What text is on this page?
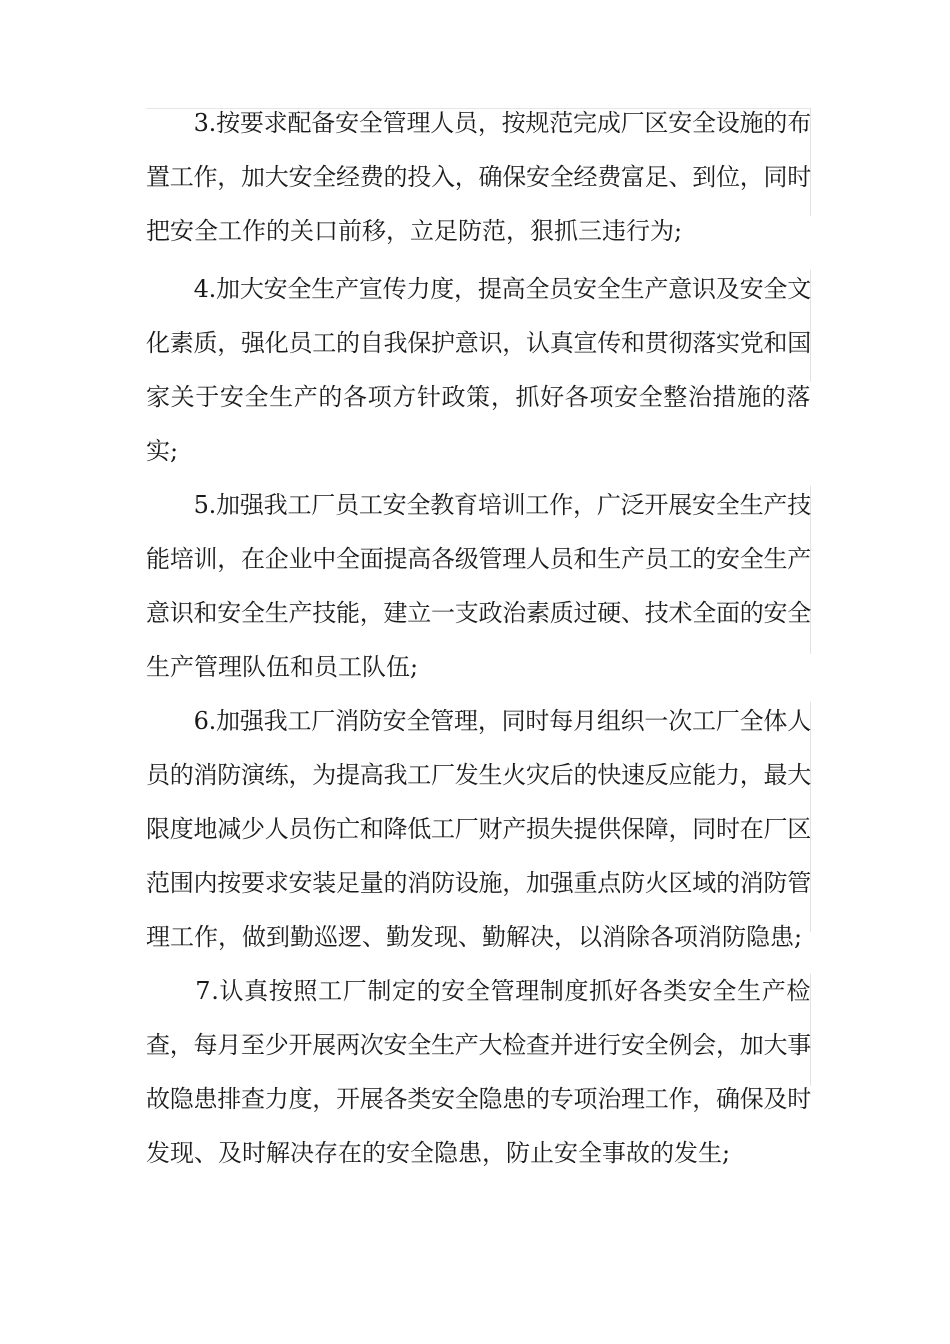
　　3.按要求配备安全管理人员，按规范完成厂区安全设施的布
置工作，加大安全经费的投入，确保安全经费富足、到位，同时
把安全工作的关口前移，立足防范，狠抓三违行为;
　　4.加大安全生产宣传力度，提高全员安全生产意识及安全文
化素质，强化员工的自我保护意识，认真宣传和贯彻落实党和国
家关于安全生产的各项方针政策，抓好各项安全整治措施的落
实;
　　5.加强我工厂员工安全教育培训工作，广泛开展安全生产技
能培训，在企业中全面提高各级管理人员和生产员工的安全生产
意识和安全生产技能，建立一支政治素质过硬、技术全面的安全
生产管理队伍和员工队伍;
　　6.加强我工厂消防安全管理，同时每月组织一次工厂全体人
员的消防演练，为提高我工厂发生火灾后的快速反应能力，最大
限度地减少人员伤亡和降低工厂财产损失提供保障，同时在厂区
范围内按要求安装足量的消防设施，加强重点防火区域的消防管
理工作，做到勤巡逻、勤发现、勤解决，以消除各项消防隐患;
　　7.认真按照工厂制定的安全管理制度抓好各类安全生产检
查，每月至少开展两次安全生产大检查并进行安全例会，加大事
故隐患排查力度，开展各类安全隐患的专项治理工作，确保及时
发现、及时解决存在的安全隐患，防止安全事故的发生;
